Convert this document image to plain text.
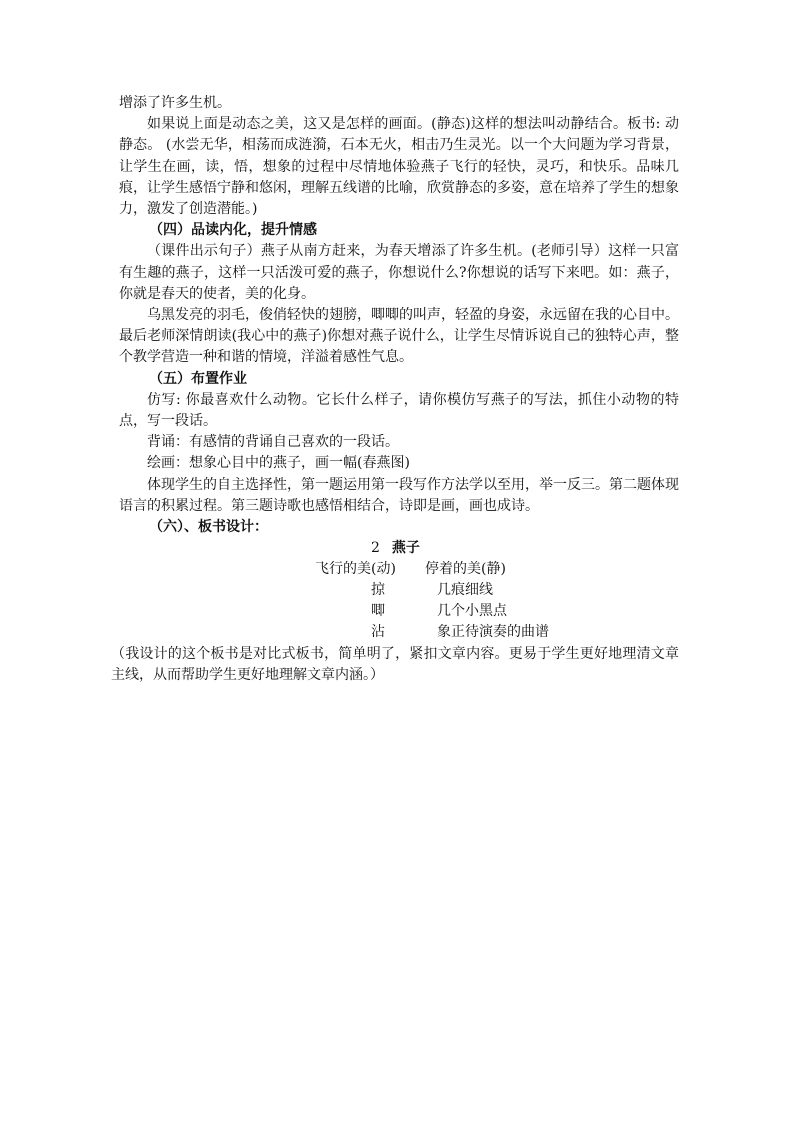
增添了许多生机。

如果说上面是动态之美，这又是怎样的画面。(静态)这样的想法叫动静结合。板书: 动静态。 (水尝无华，相荡而成涟漪，石本无火，相击乃生灵光。以一个大问题为学习背景，让学生在画，读，悟，想象的过程中尽情地体验燕子飞行的轻快，灵巧，和快乐。品味几痕，让学生感悟宁静和悠闲，理解五线谱的比喻，欣赏静态的多姿，意在培养了学生的想象力，激发了创造潜能。)

（四）品读内化，提升情感

（课件出示句子）燕子从南方赶来，为春天增添了许多生机。(老师引导）这样一只富有生趣的燕子，这样一只活泼可爱的燕子，你想说什么?你想说的话写下来吧。如：燕子，你就是春天的使者，美的化身。

乌黑发亮的羽毛，俊俏轻快的翅膀，唧唧的叫声，轻盈的身姿，永远留在我的心目中。最后老师深情朗读(我心中的燕子)你想对燕子说什么，让学生尽情诉说自己的独特心声，整个教学营造一种和谐的情境，洋溢着感性气息。

（五）布置作业

仿写: 你最喜欢什么动物。它长什么样子，请你模仿写燕子的写法，抓住小动物的特点，写一段话。

背诵：有感情的背诵自己喜欢的一段话。

绘画：想象心目中的燕子，画一幅(春燕图)

体现学生的自主选择性，第一题运用第一段写作方法学以至用，举一反三。第二题体现语言的积累过程。第三题诗歌也感悟相结合，诗即是画，画也成诗。

（六）、板书设计：

2 燕子
飞行的美(动) 停着的美(静)
掠	几痕细线
唧	几个小黑点
沾	象正待演奏的曲谱

（我设计的这个板书是对比式板书，简单明了，紧扣文章内容。更易于学生更好地理清文章主线，从而帮助学生更好地理解文章内涵。）
